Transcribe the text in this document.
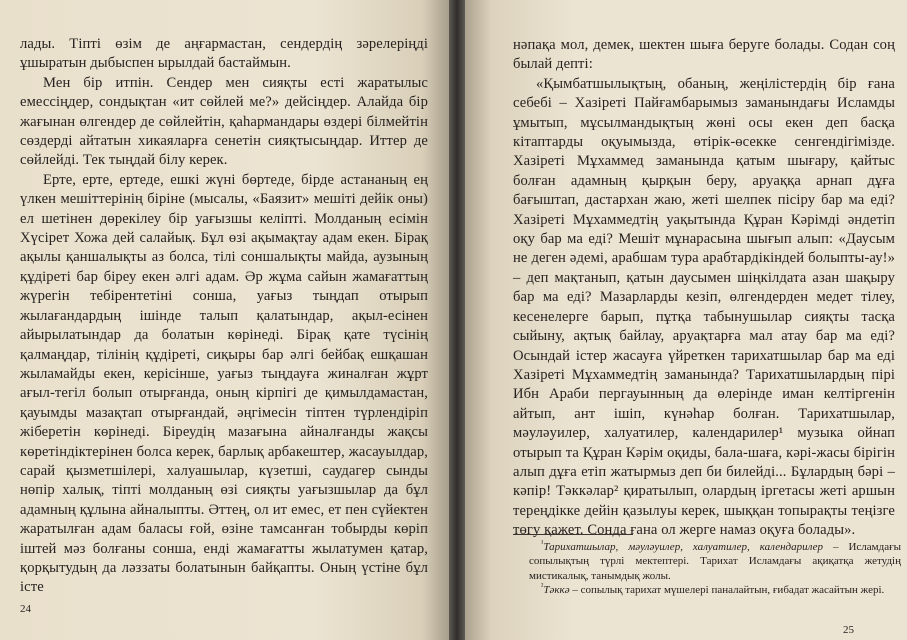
лады. Тіпті өзім де аңғармастан, сендердің зәрелеріңді ұшыратын дыбыспен ырылдай бастаймын.

Мен бір итпін. Сендер мен сияқты есті жаратылыс емессіңдер, сондықтан «ит сөйлей ме?» дейсіңдер. Алайда бір жағынан өлгендер де сөйлейтін, қаһармандары өздері білмейтін сөздерді айтатын хикаяларға сенетін сияқтысыңдар. Иттер де сөйлейді. Тек тыңдай білу керек.

Ерте, ерте, ертеде, ешкі жүні бөртеде, бірде астананың ең үлкен мешіттерінің біріне (мысалы, «Баязит» мешіті дейік оны) ел шетінен дөрекілеу бір уағызшы келіпті. Молданың есімін Хүсірет Хожа дей салайық. Бұл өзі ақымақтау адам екен. Бірақ ақылы қаншалықты аз болса, тілі соншалықты майда, аузының құдіреті бар біреу екен әлгі адам. Әр жұма сайын жамағаттың жүрегін тебірентетіні сонша, уағыз тыңдап отырып жылағандардың ішінде талып қалатындар, ақыл-есінен айырылатындар да болатын көрінеді. Бірақ қате түсінің қалмаңдар, тілінің құдіреті, сиқыры бар әлгі бейбақ ешқашан жыламайды екен, керісінше, уағыз тыңдауға жиналған жұрт ағыл-тегіл болып отырғанда, оның кірпігі де қимылдамастан, қауымды мазақтап отырғандай, әңгімесін тіптен түрлендіріп жіберетін көрінеді. Біреудің мазағына айналғанды жақсы көретіндіктерінен болса керек, барлық арбакештер, жасауылдар, сарай қызметшілері, халуашылар, күзетші, саудагер сынды нөпір халық, тіпті молданың өзі сияқты уағызшылар да бұл адамның құлына айналыпты. Әттең, ол ит емес, ет пен сүйектен жаратылған адам баласы ғой, өзіне тамсанған тобырды көріп іштей мәз болғаны сонша, енді жамағатты жылатумен қатар, қорқытудың да ләззаты болатынын байқапты. Оның үстіне бұл істе

24

нәпақа мол, демек, шектен шыға беруге болады. Содан соң былай депті:

«Қымбатшылықтың, обаның, жеңілістердің бір ғана себебі – Хазіреті Пайғамбарымыз заманындағы Исламды ұмытып, мұсылмандықтың жөні осы екен деп басқа кітаптарды оқуымызда, өтірік-өсекке сенгендігімізде. Хазіреті Мұхаммед заманында қатым шығару, қайтыс болған адамның қырқын беру, аруаққа арнап дұға бағыштап, дастархан жаю, жеті шелпек пісіру бар ма еді? Хазіреті Мұхаммедтің уақытында Құран Кәрімді әндетіп оқу бар ма еді? Мешіт мұнарасына шығып алып: «Даусым не деген әдемі, арабшам тура арабтардікіндей болыпты-ау!» – деп мақтанып, қатын даусымен шіңкілдата азан шақыру бар ма еді? Мазарларды кезіп, өлгендерден медет тілеу, кесенелерге барып, пұтқа табынушылар сияқты тасқа сыйыну, ақтық байлау, аруақтарға мал атау бар ма еді? Осындай істер жасауға үйреткен тарихатшылар бар ма еді Хазіреті Мұхаммедтің заманында? Тарихатшылардың пірі Ибн Араби пергауынның да өлерінде иман келтіргенін айтып, ант ішіп, күнәһар болған. Тарихатшылар, мәуләуилер, халуатилер, календарилер¹ музыка ойнап отырып та Құран Кәрім оқиды, бала-шаға, кәрі-жасы бірігін алып дұға етіп жатырмыз деп би билейді... Бұлардың бәрі – кәпір! Тәккәлар² қиратылып, олардың іргетасы жеті аршын тереңдікке дейін қазылуы керек, шыққан топырақты теңізге төгу қажет. Сонда ғана ол жерге намаз оқуға болады».

$^{^1}$Тарихатшылар, мәуләуилер, халуатилер, календарилер – Исламдағы сопылықтың түрлі мектептері. Тарихат Исламдағы ақиқатқа жетудің мистикалық, танымдық жолы.

$^{^2}$Тәккә – сопылық тарихат мүшелері паналайтын, ғибадат жасайтын жері.

25
